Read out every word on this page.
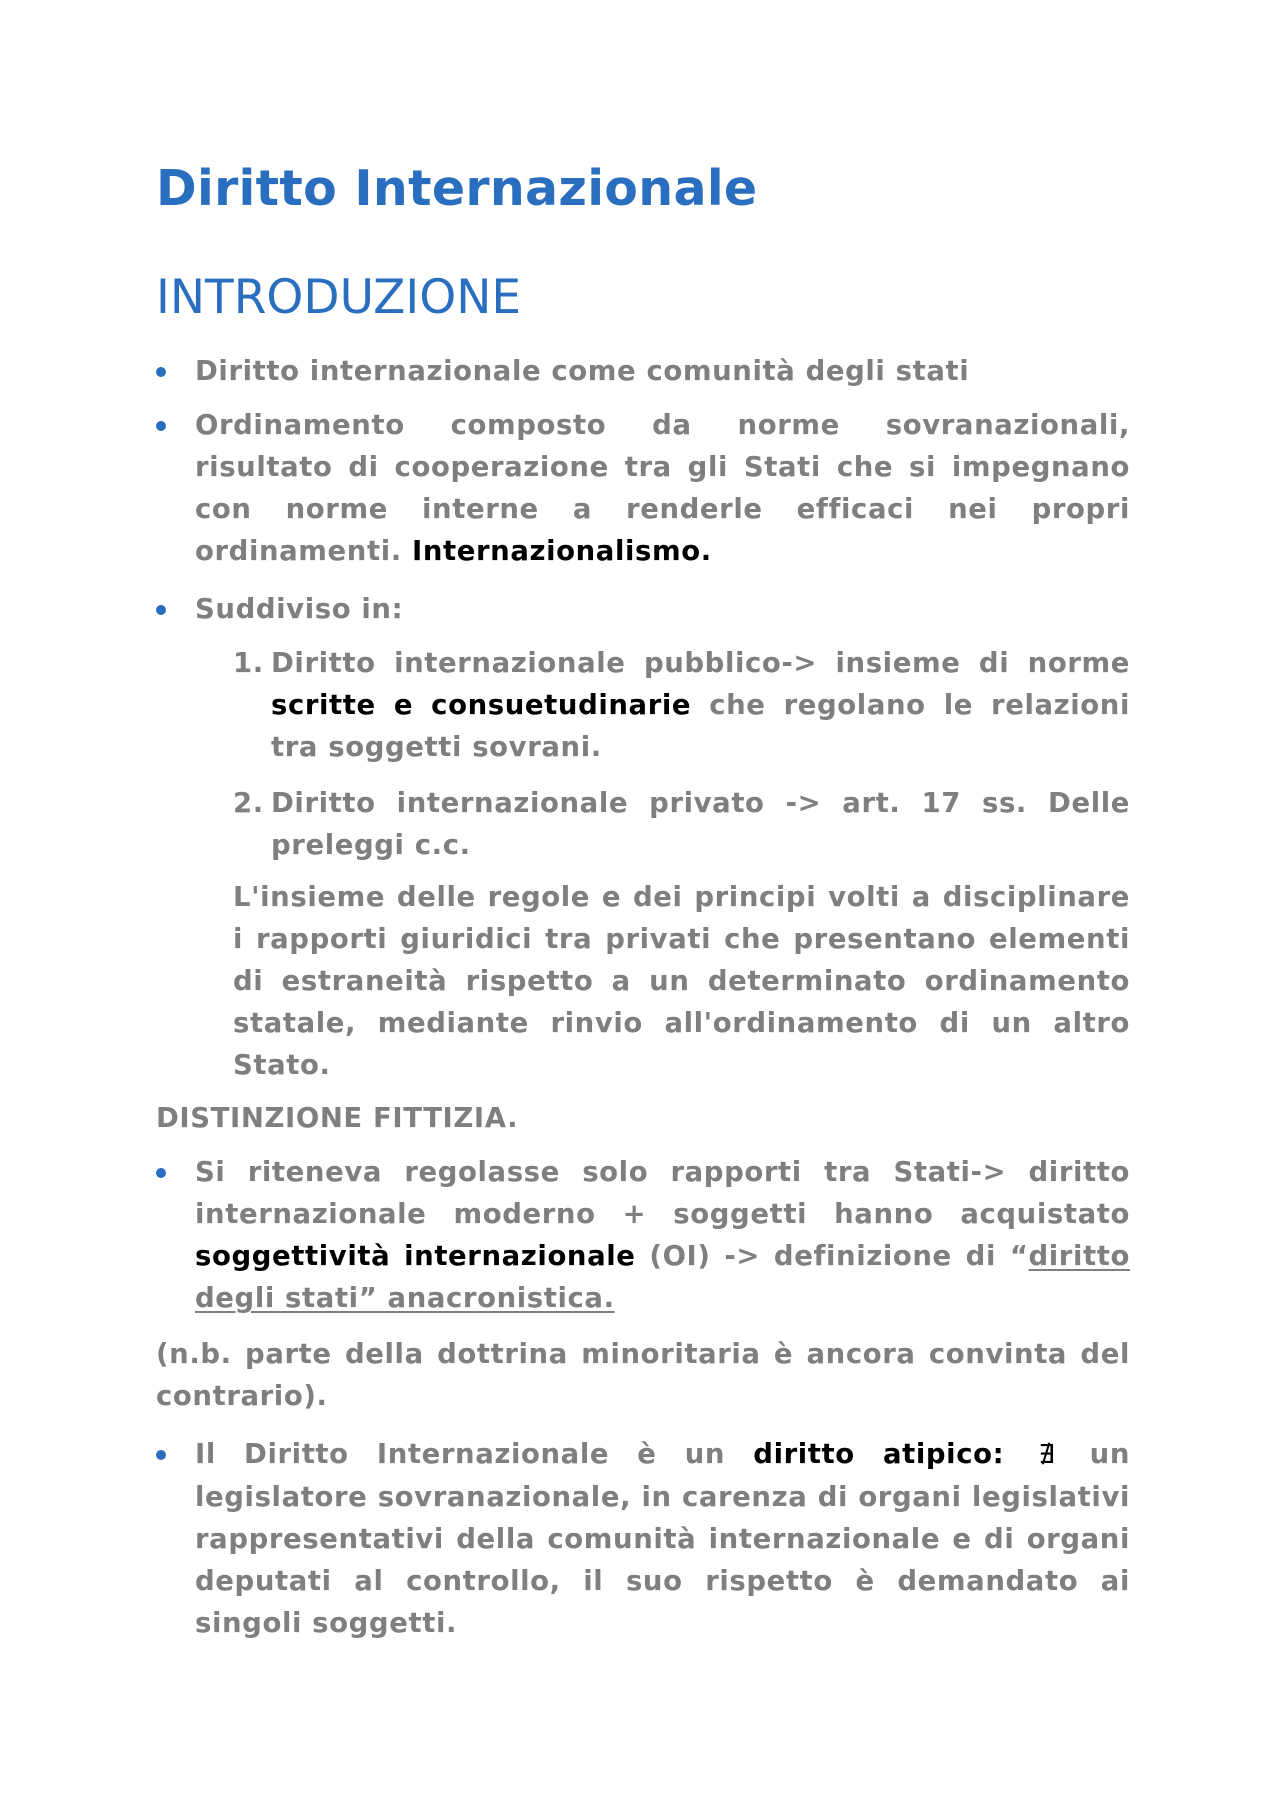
Diritto Internazionale
INTRODUZIONE
Diritto internazionale come comunità degli stati
Ordinamento composto da norme sovranazionali, risultato di cooperazione tra gli Stati che si impegnano con norme interne a renderle efficaci nei propri ordinamenti. Internazionalismo.
Suddiviso in:
1. Diritto internazionale pubblico-> insieme di norme scritte e consuetudinarie che regolano le relazioni tra soggetti sovrani.
2. Diritto internazionale privato -> art. 17 ss. Delle preleggi c.c.
L'insieme delle regole e dei principi volti a disciplinare i rapporti giuridici tra privati che presentano elementi di estraneità rispetto a un determinato ordinamento statale, mediante rinvio all'ordinamento di un altro Stato.
DISTINZIONE FITTIZIA.
Si riteneva regolasse solo rapporti tra Stati-> diritto internazionale moderno + soggetti hanno acquistato soggettività internazionale (OI) -> definizione di “diritto degli stati” anacronistica.
(n.b. parte della dottrina minoritaria è ancora convinta del contrario).
Il Diritto Internazionale è un diritto atipico: ∄ un legislatore sovranazionale, in carenza di organi legislativi rappresentativi della comunità internazionale e di organi deputati al controllo, il suo rispetto è demandato ai singoli soggetti.
